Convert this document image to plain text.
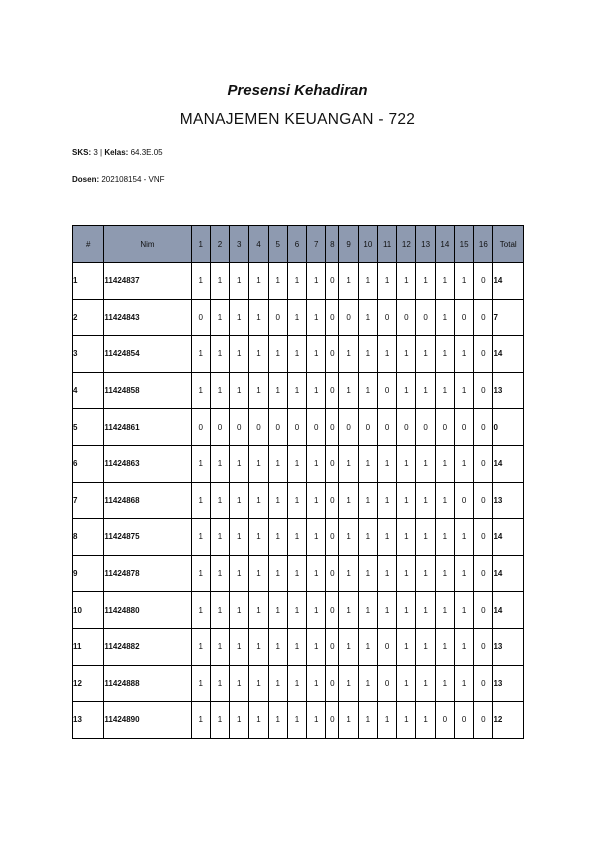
Presensi Kehadiran
MANAJEMEN KEUANGAN - 722
SKS: 3 | Kelas: 64.3E.05
Dosen: 202108154 - VNF
#	Nim	1	2	3	4	5	6	7	8	9	10	11	12	13	14	15	16	Total
1	11424837	1	1	1	1	1	1	1	0	1	1	1	1	1	1	1	0	14
2	11424843	0	1	1	1	0	1	1	0	0	1	0	0	0	1	0	0	7
3	11424854	1	1	1	1	1	1	1	0	1	1	1	1	1	1	1	0	14
4	11424858	1	1	1	1	1	1	1	0	1	1	0	1	1	1	1	0	13
5	11424861	0	0	0	0	0	0	0	0	0	0	0	0	0	0	0	0	0
6	11424863	1	1	1	1	1	1	1	0	1	1	1	1	1	1	1	0	14
7	11424868	1	1	1	1	1	1	1	0	1	1	1	1	1	1	0	0	13
8	11424875	1	1	1	1	1	1	1	0	1	1	1	1	1	1	1	0	14
9	11424878	1	1	1	1	1	1	1	0	1	1	1	1	1	1	1	0	14
10	11424880	1	1	1	1	1	1	1	0	1	1	1	1	1	1	1	0	14
11	11424882	1	1	1	1	1	1	1	0	1	1	0	1	1	1	1	0	13
12	11424888	1	1	1	1	1	1	1	0	1	1	0	1	1	1	1	0	13
13	11424890	1	1	1	1	1	1	1	0	1	1	1	1	1	0	0	0	12
